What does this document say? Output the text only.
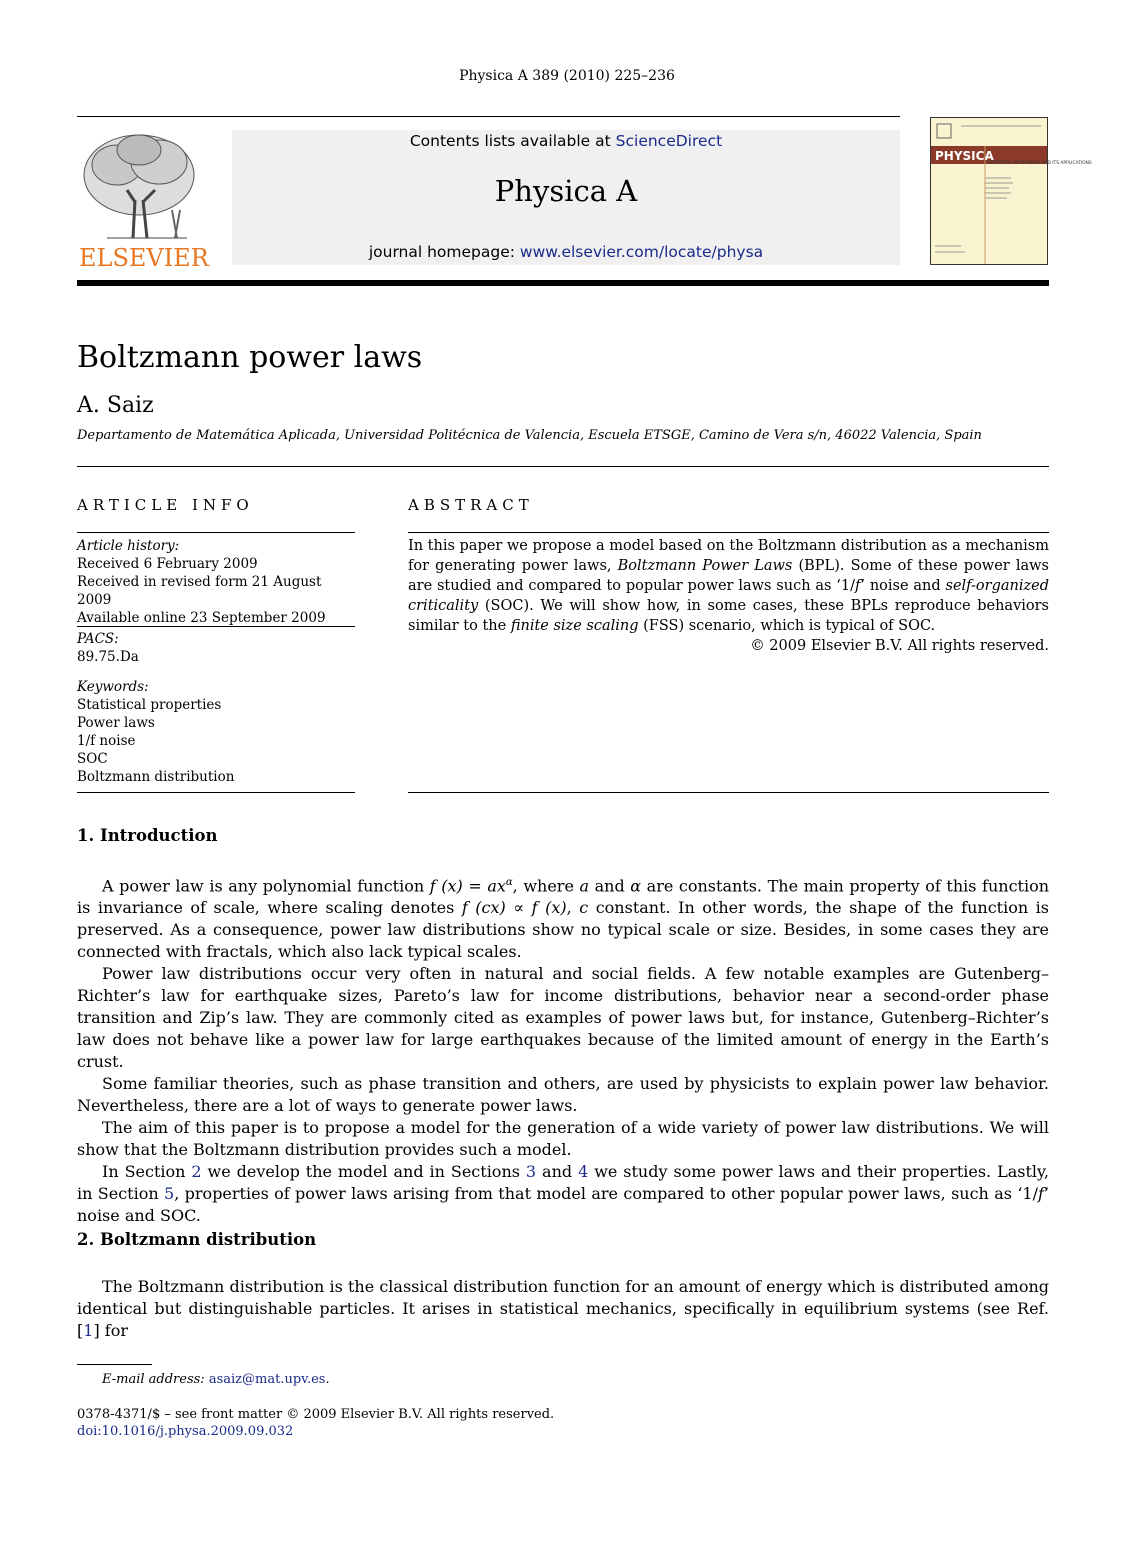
Physica A 389 (2010) 225–236
ELSEVIER
Contents lists available at ScienceDirect
Physica A
journal homepage: www.elsevier.com/locate/physa
PHYSICA
STATISTICAL MECHANICS AND ITS APPLICATIONS
Boltzmann power laws
A. Saiz
Departamento de Matemática Aplicada, Universidad Politécnica de Valencia, Escuela ETSGE, Camino de Vera s/n, 46022 Valencia, Spain
ARTICLE INFO
Article history:
Received 6 February 2009
Received in revised form 21 August 2009
Available online 23 September 2009
PACS:
89.75.Da
Keywords:
Statistical properties
Power laws
1/f noise
SOC
Boltzmann distribution
ABSTRACT
In this paper we propose a model based on the Boltzmann distribution as a mechanism for generating power laws, Boltzmann Power Laws (BPL). Some of these power laws are studied and compared to popular power laws such as ‘1/f’ noise and self-organized criticality (SOC). We will show how, in some cases, these BPLs reproduce behaviors similar to the finite size scaling (FSS) scenario, which is typical of SOC.
© 2009 Elsevier B.V. All rights reserved.
1. Introduction

A power law is any polynomial function f $(x) = ax^\alpha$, where a and α are constants. The main property of this function is invariance of scale, where scaling denotes f (cx) ∝ f (x), c constant. In other words, the shape of the function is preserved. As a consequence, power law distributions show no typical scale or size. Besides, in some cases they are connected with fractals, which also lack typical scales.

Power law distributions occur very often in natural and social fields. A few notable examples are Gutenberg–Richter’s law for earthquake sizes, Pareto’s law for income distributions, behavior near a second-order phase transition and Zip’s law. They are commonly cited as examples of power laws but, for instance, Gutenberg–Richter’s law does not behave like a power law for large earthquakes because of the limited amount of energy in the Earth’s crust.

Some familiar theories, such as phase transition and others, are used by physicists to explain power law behavior. Nevertheless, there are a lot of ways to generate power laws.

The aim of this paper is to propose a model for the generation of a wide variety of power law distributions. We will show that the Boltzmann distribution provides such a model.

In Section 2 we develop the model and in Sections 3 and 4 we study some power laws and their properties. Lastly, in Section 5, properties of power laws arising from that model are compared to other popular power laws, such as ‘1/f’ noise and SOC.

2. Boltzmann distribution

The Boltzmann distribution is the classical distribution function for an amount of energy which is distributed among identical but distinguishable particles. It arises in statistical mechanics, specifically in equilibrium systems (see Ref. [1] for

E-mail address: asaiz@mat.upv.es.
0378-4371/$ – see front matter © 2009 Elsevier B.V. All rights reserved.
doi:10.1016/j.physa.2009.09.032
